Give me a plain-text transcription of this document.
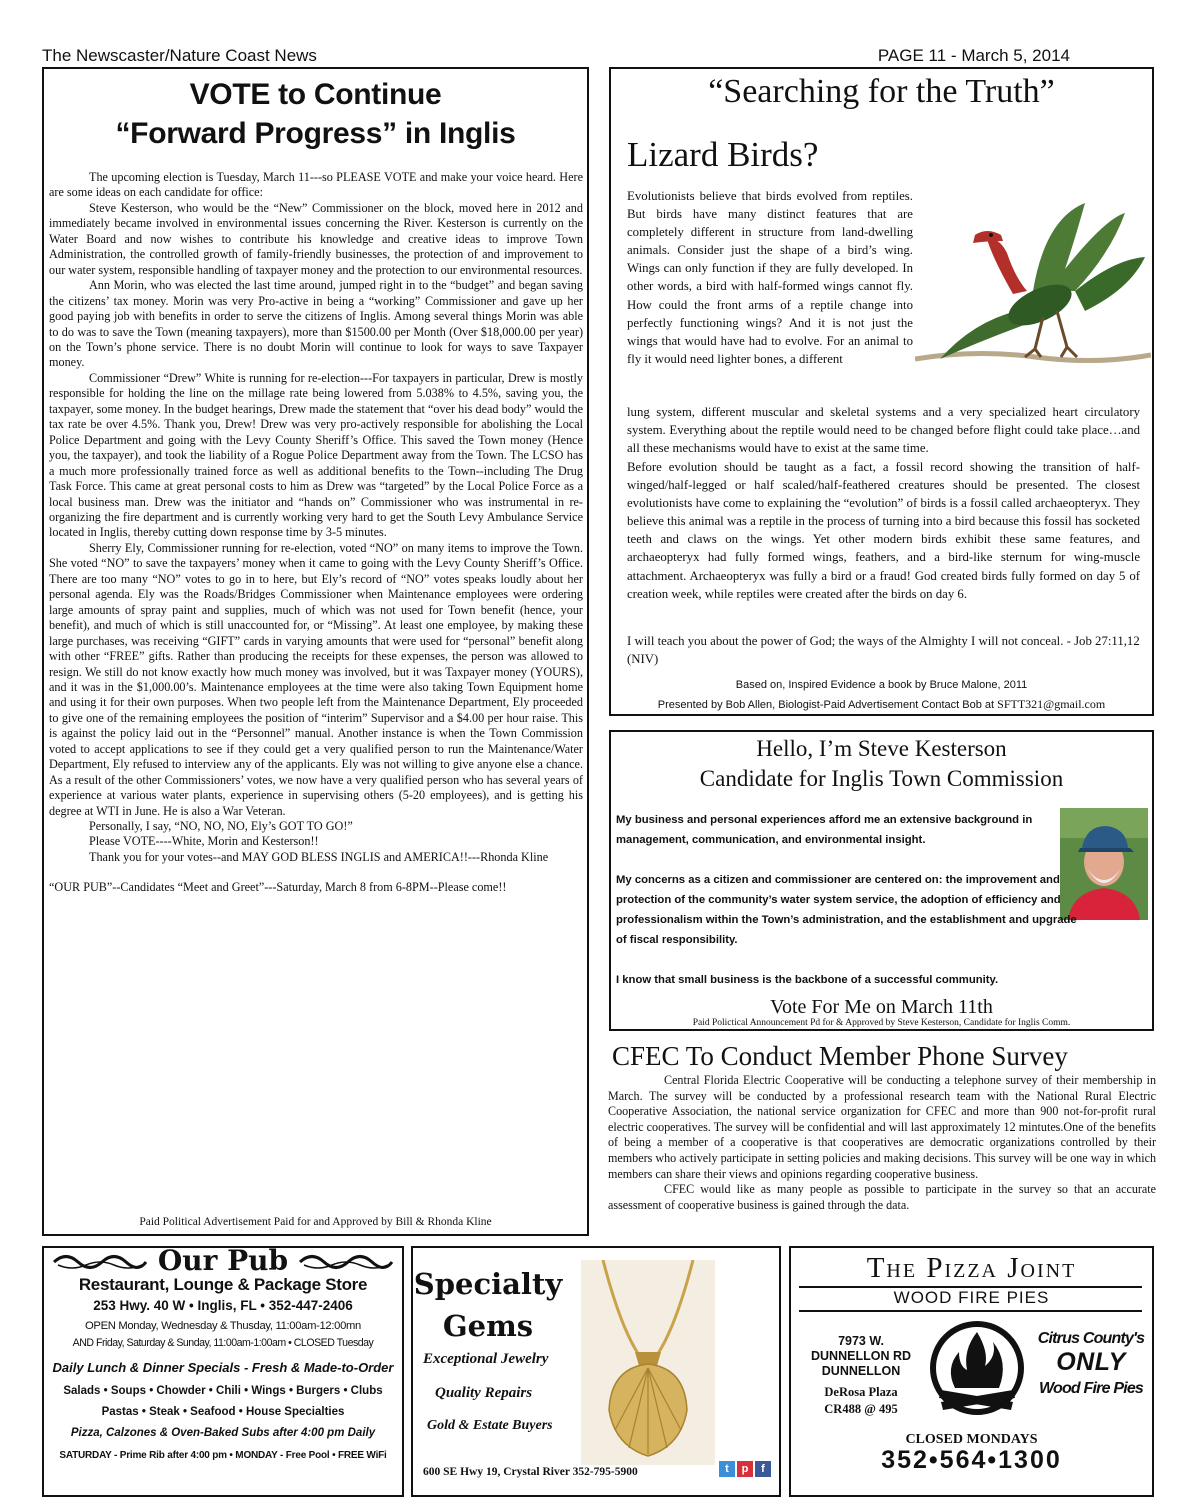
The Newscaster/Nature Coast News	PAGE 11 - March 5, 2014
VOTE to Continue
“Forward Progress” in Inglis

The upcoming election is Tuesday, March 11---so PLEASE VOTE and make your voice heard. Here are some ideas on each candidate for office:

Steve Kesterson, who would be the “New” Commissioner on the block, moved here in 2012 and immediately became involved in environmental issues concerning the River. Kesterson is currently on the Water Board and now wishes to contribute his knowledge and creative ideas to improve Town Administration, the controlled growth of family-friendly businesses, the protection of and improvement to our water system, responsible handling of taxpayer money and the protection to our environmental resources.

Ann Morin, who was elected the last time around, jumped right in to the “budget” and began saving the citizens’ tax money. Morin was very Pro-active in being a “working” Commissioner and gave up her good paying job with benefits in order to serve the citizens of Inglis. Among several things Morin was able to do was to save the Town (meaning taxpayers), more than $1500.00 per Month (Over $18,000.00 per year) on the Town’s phone service. There is no doubt Morin will continue to look for ways to save Taxpayer money.

Commissioner “Drew” White is running for re-election---For taxpayers in particular, Drew is mostly responsible for holding the line on the millage rate being lowered from 5.038% to 4.5%, saving you, the taxpayer, some money. In the budget hearings, Drew made the statement that “over his dead body” would the tax rate be over 4.5%. Thank you, Drew! Drew was very pro-actively responsible for abolishing the Local Police Department and going with the Levy County Sheriff’s Office. This saved the Town money (Hence you, the taxpayer), and took the liability of a Rogue Police Department away from the Town. The LCSO has a much more professionally trained force as well as additional benefits to the Town--including The Drug Task Force. This came at great personal costs to him as Drew was “targeted” by the Local Police Force as a local business man. Drew was the initiator and “hands on” Commissioner who was instrumental in re-organizing the fire department and is currently working very hard to get the South Levy Ambulance Service located in Inglis, thereby cutting down response time by 3-5 minutes.

Sherry Ely, Commissioner running for re-election, voted “NO” on many items to improve the Town. She voted “NO” to save the taxpayers’ money when it came to going with the Levy County Sheriff’s Office. There are too many “NO” votes to go in to here, but Ely’s record of “NO” votes speaks loudly about her personal agenda. Ely was the Roads/Bridges Commissioner when Maintenance employees were ordering large amounts of spray paint and supplies, much of which was not used for Town benefit (hence, your benefit), and much of which is still unaccounted for, or “Missing”. At least one employee, by making these large purchases, was receiving “GIFT” cards in varying amounts that were used for “personal” benefit along with other “FREE” gifts. Rather than producing the receipts for these expenses, the person was allowed to resign. We still do not know exactly how much money was involved, but it was Taxpayer money (YOURS), and it was in the $1,000.00’s. Maintenance employees at the time were also taking Town Equipment home and using it for their own purposes. When two people left from the Maintenance Department, Ely proceeded to give one of the remaining employees the position of “interim” Supervisor and a $4.00 per hour raise. This is against the policy laid out in the “Personnel” manual. Another instance is when the Town Commission voted to accept applications to see if they could get a very qualified person to run the Maintenance/Water Department, Ely refused to interview any of the applicants. Ely was not willing to give anyone else a chance. As a result of the other Commissioners’ votes, we now have a very qualified person who has several years of experience at various water plants, experience in supervising others (5-20 employees), and is getting his degree at WTI in June. He is also a War Veteran.

Personally, I say, “NO, NO, NO, Ely’s GOT TO GO!”

Please VOTE----White, Morin and Kesterson!!

Thank you for your votes--and MAY GOD BLESS INGLIS and AMERICA!!---Rhonda Kline

“OUR PUB”--Candidates “Meet and Greet”---Saturday, March 8 from 6-8PM--Please come!!

Paid Political Advertisement Paid for and Approved by Bill & Rhonda Kline
“Searching for the Truth”
Lizard Birds?
Evolutionists believe that birds evolved from reptiles. But birds have many distinct features that are completely different in structure from land-dwelling animals. Consider just the shape of a bird’s wing. Wings can only function if they are fully developed. In other words, a bird with half-formed wings cannot fly. How could the front arms of a reptile change into perfectly functioning wings? And it is not just the wings that would have had to evolve. For an animal to fly it would need lighter bones, a different
lung system, different muscular and skeletal systems and a very specialized heart circulatory system. Everything about the reptile would need to be changed before flight could take place…and all these mechanisms would have to exist at the same time.
Before evolution should be taught as a fact, a fossil record showing the transition of half-winged/half-legged or half scaled/half-feathered creatures should be presented. The closest evolutionists have come to explaining the “evolution” of birds is a fossil called archaeopteryx. They believe this animal was a reptile in the process of turning into a bird because this fossil has socketed teeth and claws on the wings. Yet other modern birds exhibit these same features, and archaeopteryx had fully formed wings, feathers, and a bird-like sternum for wing-muscle attachment. Archaeopteryx was fully a bird or a fraud! God created birds fully formed on day 5 of creation week, while reptiles were created after the birds on day 6.
I will teach you about the power of God; the ways of the Almighty I will not conceal. - Job 27:11,12 (NIV)
Based on, Inspired Evidence a book by Bruce Malone, 2011
Presented by Bob Allen, Biologist-Paid Advertisement Contact Bob at SFTT321@gmail.com
Hello, I’m Steve Kesterson
Candidate for Inglis Town Commission
My business and personal experiences afford me an extensive background in management, communication, and environmental insight.
My concerns as a citizen and commissioner are centered on: the improvement and protection of the community’s water system service, the adoption of efficiency and professionalism within the Town’s administration, and the establishment and upgrade of fiscal responsibility.
I know that small business is the backbone of a successful community.
Vote For Me on March 11th
Paid Polictical Announcement Pd for & Approved by Steve Kesterson, Candidate for Inglis Comm.
CFEC To Conduct Member Phone Survey

Central Florida Electric Cooperative will be conducting a telephone survey of their membership in March. The survey will be conducted by a professional research team with the National Rural Electric Cooperative Association, the national service organization for CFEC and more than 900 not-for-profit rural electric cooperatives. The survey will be confidential and will last approximately 12 mintutes.One of the benefits of being a member of a cooperative is that cooperatives are democratic organizations controlled by their members who actively participate in setting policies and making decisions. This survey will be one way in which members can share their views and opinions regarding cooperative business.

CFEC would like as many people as possible to participate in the survey so that an accurate assessment of cooperative business is gained through the data.

Our Pub
Restaurant, Lounge & Package Store
253 Hwy. 40 W • Inglis, FL • 352-447-2406
OPEN Monday, Wednesday & Thusday, 11:00am-12:00mn
AND Friday, Saturday & Sunday, 11:00am-1:00am • CLOSED Tuesday
Daily Lunch & Dinner Specials - Fresh & Made-to-Order
Salads • Soups • Chowder • Chili • Wings • Burgers • Clubs
Pastas • Steak • Seafood • House Specialties
Pizza, Calzones & Oven-Baked Subs after 4:00 pm Daily
SATURDAY - Prime Rib after 4:00 pm • MONDAY - Free Pool • FREE WiFi
Specialty
Gems
Exceptional Jewelry
Quality Repairs
Gold & Estate Buyers
600 SE Hwy 19, Crystal River 352-795-5900	t	p	f
The Pizza Joint
WOOD FIRE PIES
7973 W.
DUNNELLON RD
DUNNELLON
DeRosa Plaza
CR488 @ 495
Citrus County's
ONLY
Wood Fire Pies
CLOSED MONDAYS
352•564•1300
